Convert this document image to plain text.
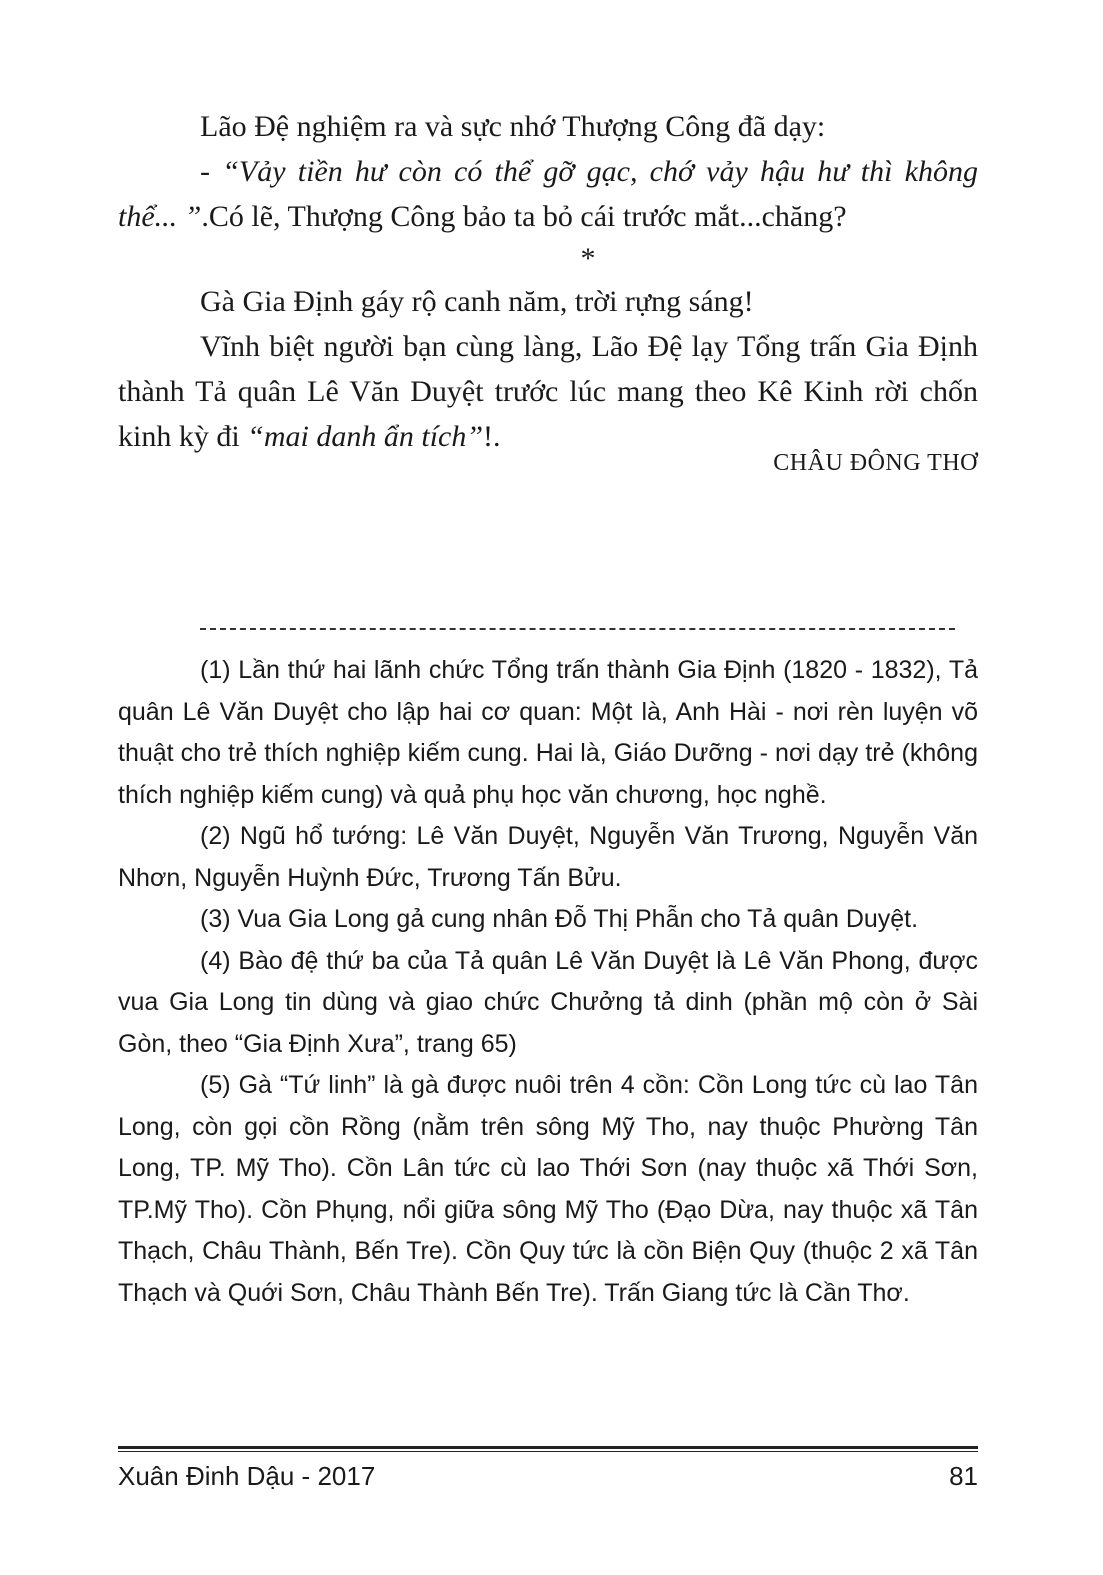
Lão Đệ nghiệm ra và sực nhớ Thượng Công đã dạy:

- “Vảy tiền hư còn có thể gỡ gạc, chớ vảy hậu hư thì không thể... ”.Có lẽ, Thượng Công bảo ta bỏ cái trước mắt...chăng?

*

Gà Gia Định gáy rộ canh năm, trời rựng sáng!

Vĩnh biệt người bạn cùng làng, Lão Đệ lạy Tổng trấn Gia Định thành Tả quân Lê Văn Duyệt trước lúc mang theo Kê Kinh rời chốn kinh kỳ đi “mai danh ẩn tích”!.

CHÂU ĐÔNG THƠ

(1) Lần thứ hai lãnh chức Tổng trấn thành Gia Định (1820 - 1832), Tả quân Lê Văn Duyệt cho lập hai cơ quan: Một là, Anh Hài - nơi rèn luyện võ thuật cho trẻ thích nghiệp kiếm cung. Hai là, Giáo Dưỡng - nơi dạy trẻ (không thích nghiệp kiếm cung) và quả phụ học văn chương, học nghề.

(2) Ngũ hổ tướng: Lê Văn Duyệt, Nguyễn Văn Trương, Nguyễn Văn Nhơn, Nguyễn Huỳnh Đức, Trương Tấn Bửu.

(3) Vua Gia Long gả cung nhân Đỗ Thị Phẫn cho Tả quân Duyệt.

(4) Bào đệ thứ ba của Tả quân Lê Văn Duyệt là Lê Văn Phong, được vua Gia Long tin dùng và giao chức Chưởng tả dinh (phần mộ còn ở Sài Gòn, theo “Gia Định Xưa”, trang 65)

(5) Gà “Tứ linh” là gà được nuôi trên 4 cồn: Cồn Long tức cù lao Tân Long, còn gọi cồn Rồng (nằm trên sông Mỹ Tho, nay thuộc Phường Tân Long, TP. Mỹ Tho). Cồn Lân tức cù lao Thới Sơn (nay thuộc xã Thới Sơn, TP.Mỹ Tho). Cồn Phụng, nổi giữa sông Mỹ Tho (Đạo Dừa, nay thuộc xã Tân Thạch, Châu Thành, Bến Tre). Cồn Quy tức là cồn Biện Quy (thuộc 2 xã Tân Thạch và Quới Sơn, Châu Thành Bến Tre). Trấn Giang tức là Cần Thơ.

Xuân Đinh Dậu - 2017	81
